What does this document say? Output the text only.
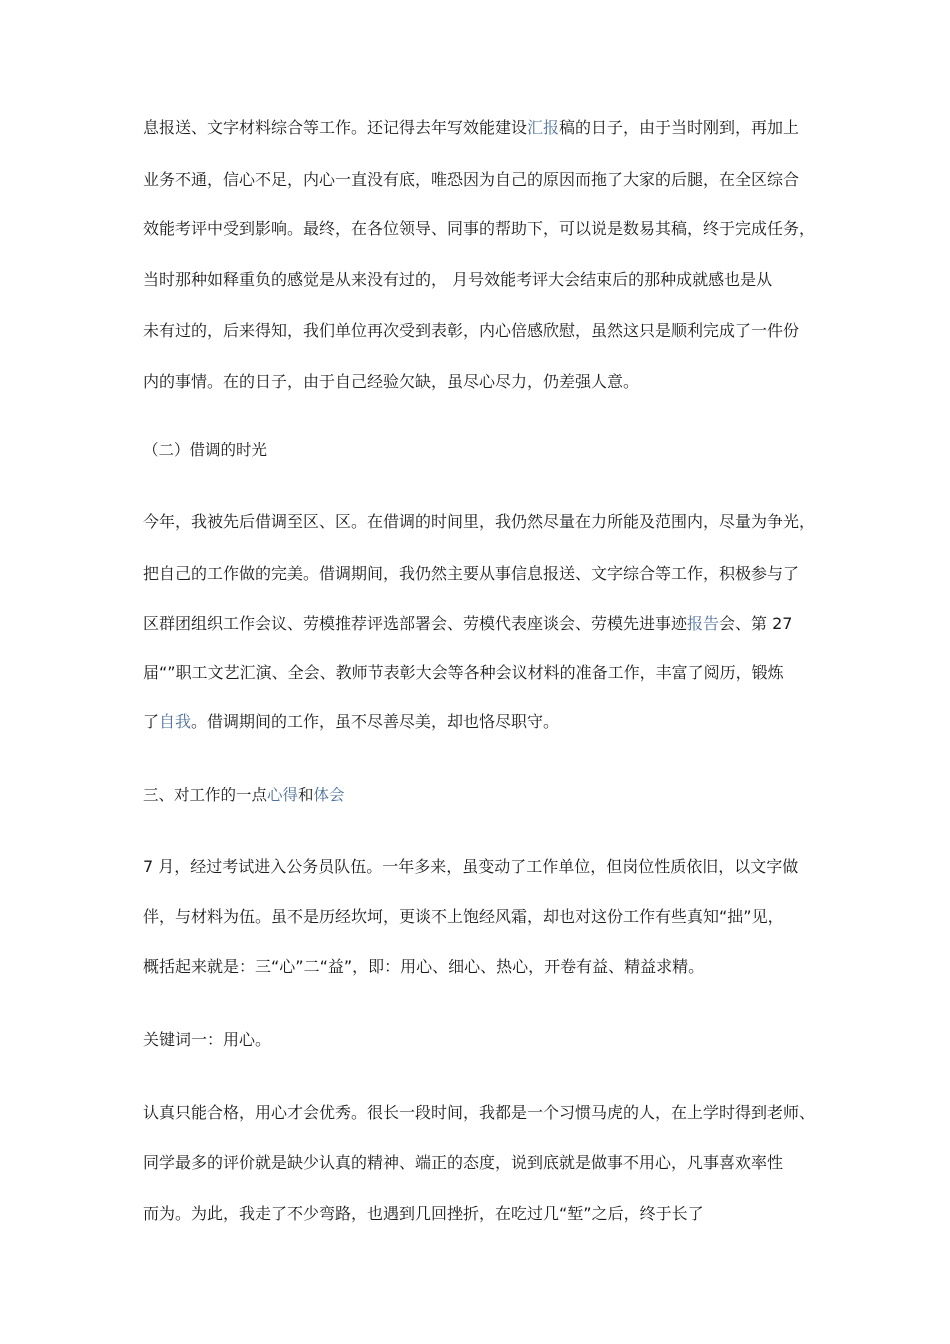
息报送、文字材料综合等工作。还记得去年写效能建设汇报稿的日子，由于当时刚到，再加上
业务不通，信心不足，内心一直没有底，唯恐因为自己的原因而拖了大家的后腿，在全区综合
效能考评中受到影响。最终，在各位领导、同事的帮助下，可以说是数易其稿，终于完成任务，
当时那种如释重负的感觉是从来没有过的， 月号效能考评大会结束后的那种成就感也是从
未有过的，后来得知，我们单位再次受到表彰，内心倍感欣慰，虽然这只是顺利完成了一件份
内的事情。在的日子，由于自己经验欠缺，虽尽心尽力，仍差强人意。
（二）借调的时光
今年，我被先后借调至区、区。在借调的时间里，我仍然尽量在力所能及范围内，尽量为争光，
把自己的工作做的完美。借调期间，我仍然主要从事信息报送、文字综合等工作，积极参与了
区群团组织工作会议、劳模推荐评选部署会、劳模代表座谈会、劳模先进事迹报告会、第 27
届“”职工文艺汇演、全会、教师节表彰大会等各种会议材料的准备工作，丰富了阅历，锻炼
了自我。借调期间的工作，虽不尽善尽美，却也恪尽职守。
三、对工作的一点心得和体会
7 月，经过考试进入公务员队伍。一年多来，虽变动了工作单位，但岗位性质依旧，以文字做
伴，与材料为伍。虽不是历经坎坷，更谈不上饱经风霜，却也对这份工作有些真知“拙”见，
概括起来就是：三“心”二“益”，即：用心、细心、热心，开卷有益、精益求精。
关键词一：用心。
认真只能合格，用心才会优秀。很长一段时间，我都是一个习惯马虎的人，在上学时得到老师、
同学最多的评价就是缺少认真的精神、端正的态度，说到底就是做事不用心，凡事喜欢率性
而为。为此，我走了不少弯路，也遇到几回挫折，在吃过几“堑”之后，终于长了
